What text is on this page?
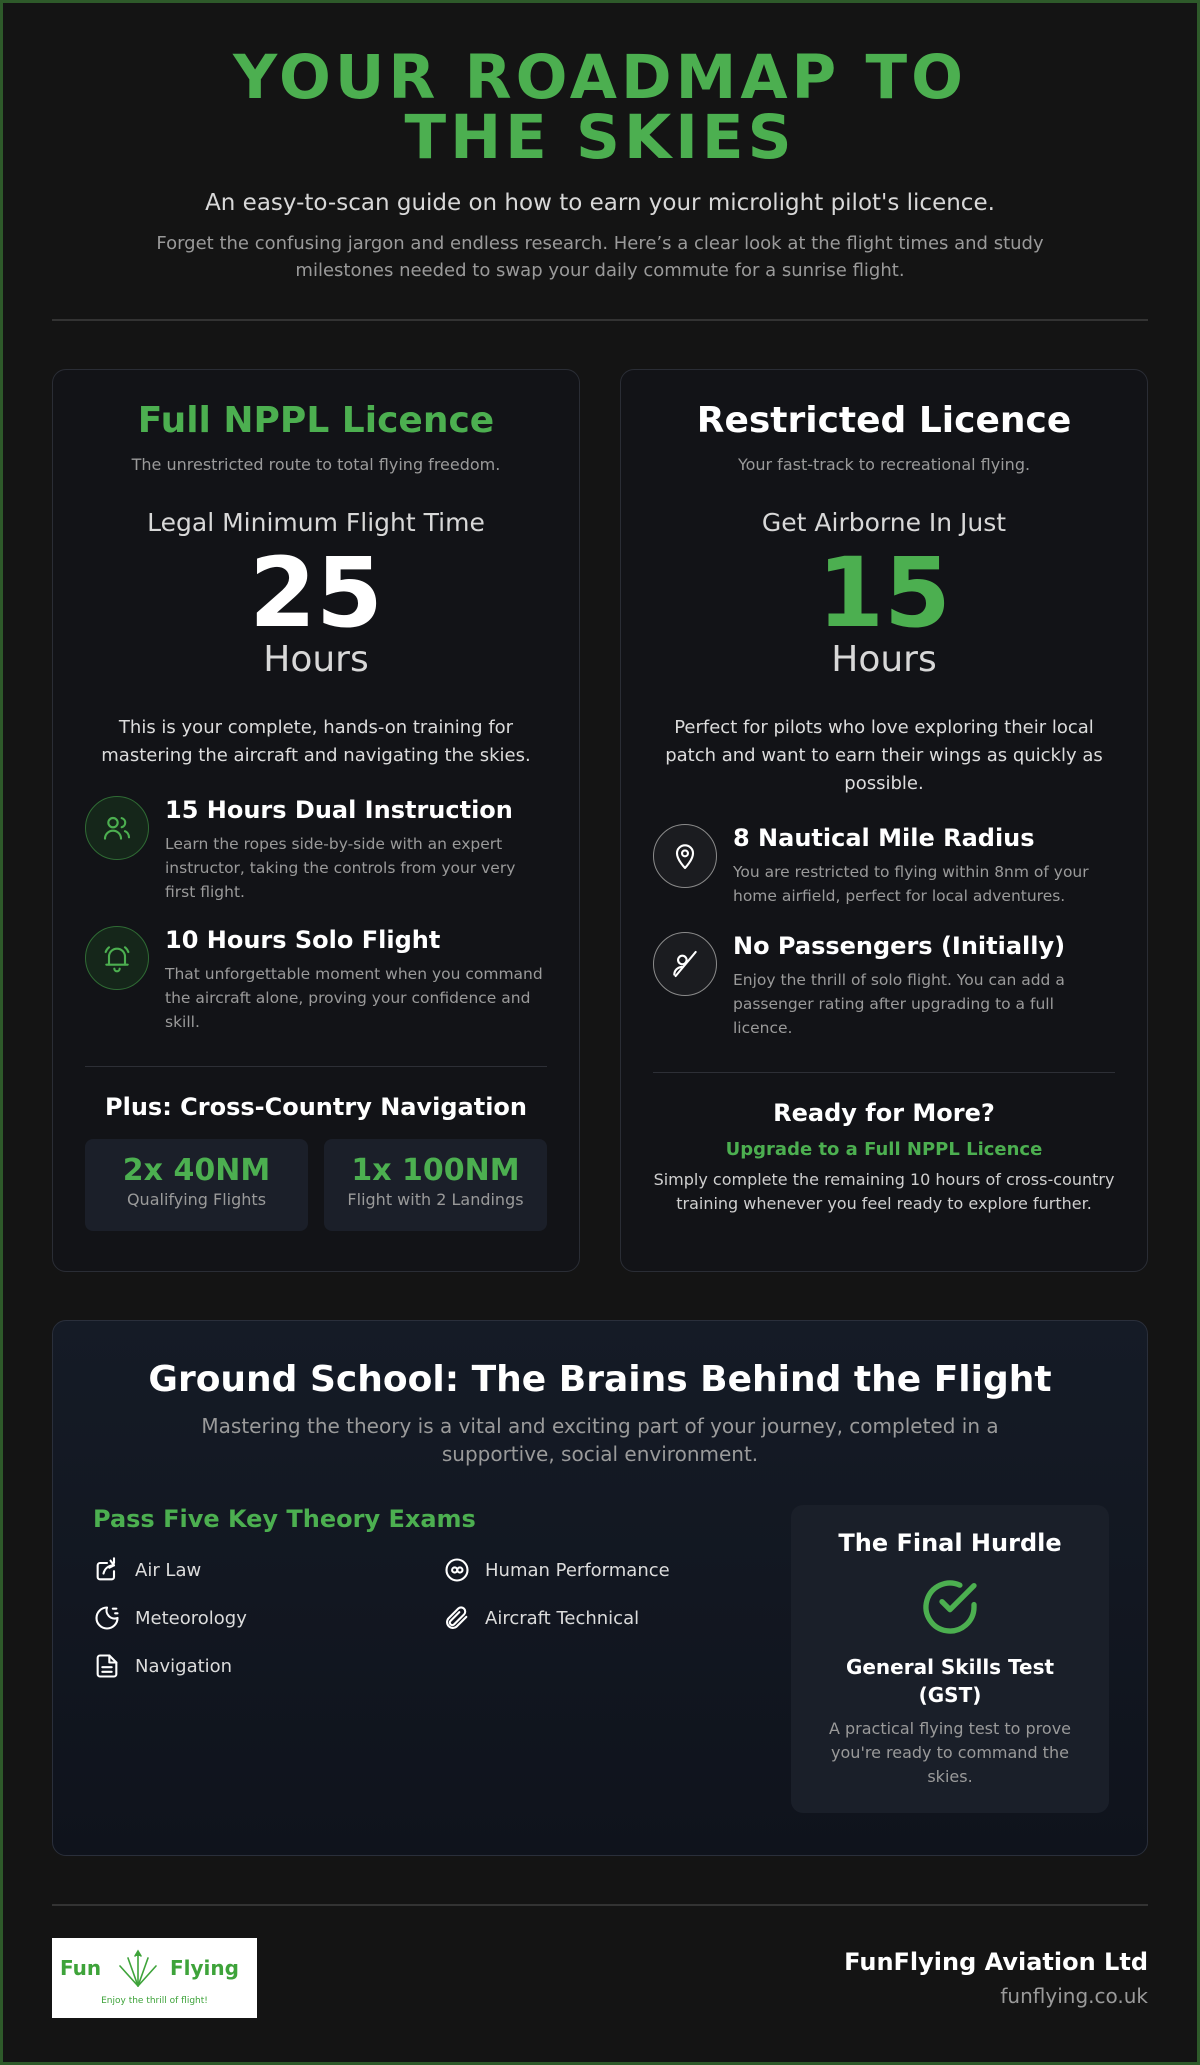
YOUR ROADMAP TO THE SKIES

An easy-to-scan guide on how to earn your microlight pilot's licence.

Forget the confusing jargon and endless research. Here’s a clear look at the flight times and study milestones needed to swap your daily commute for a sunrise flight.

Full NPPL Licence

The unrestricted route to total flying freedom.

Legal Minimum Flight Time

25
Hours

This is your complete, hands-on training for mastering the aircraft and navigating the skies.

15 Hours Dual Instruction

Learn the ropes side-by-side with an expert instructor, taking the controls from your very first flight.

10 Hours Solo Flight

That unforgettable moment when you command the aircraft alone, proving your confidence and skill.

Plus: Cross-Country Navigation
2x 40NM
Qualifying Flights
1x 100NM
Flight with 2 Landings
Restricted Licence

Your fast-track to recreational flying.

Get Airborne In Just

15
Hours

Perfect for pilots who love exploring their local patch and want to earn their wings as quickly as possible.

8 Nautical Mile Radius

You are restricted to flying within 8nm of your home airfield, perfect for local adventures.

No Passengers (Initially)

Enjoy the thrill of solo flight. You can add a passenger rating after upgrading to a full licence.

Ready for More?
Upgrade to a Full NPPL Licence

Simply complete the remaining 10 hours of cross-country training whenever you feel ready to explore further.

Ground School: The Brains Behind the Flight

Mastering the theory is a vital and exciting part of your journey, completed in a supportive, social environment.

Pass Five Key Theory Exams
Air Law	Human Performance
Meteorology	Aircraft Technical
Navigation
The Final Hurdle
General Skills Test (GST)

A practical flying test to prove you're ready to command the skies.

Fun	Flying
Enjoy the thrill of flight!
FunFlying Aviation Ltd
funflying.co.uk
